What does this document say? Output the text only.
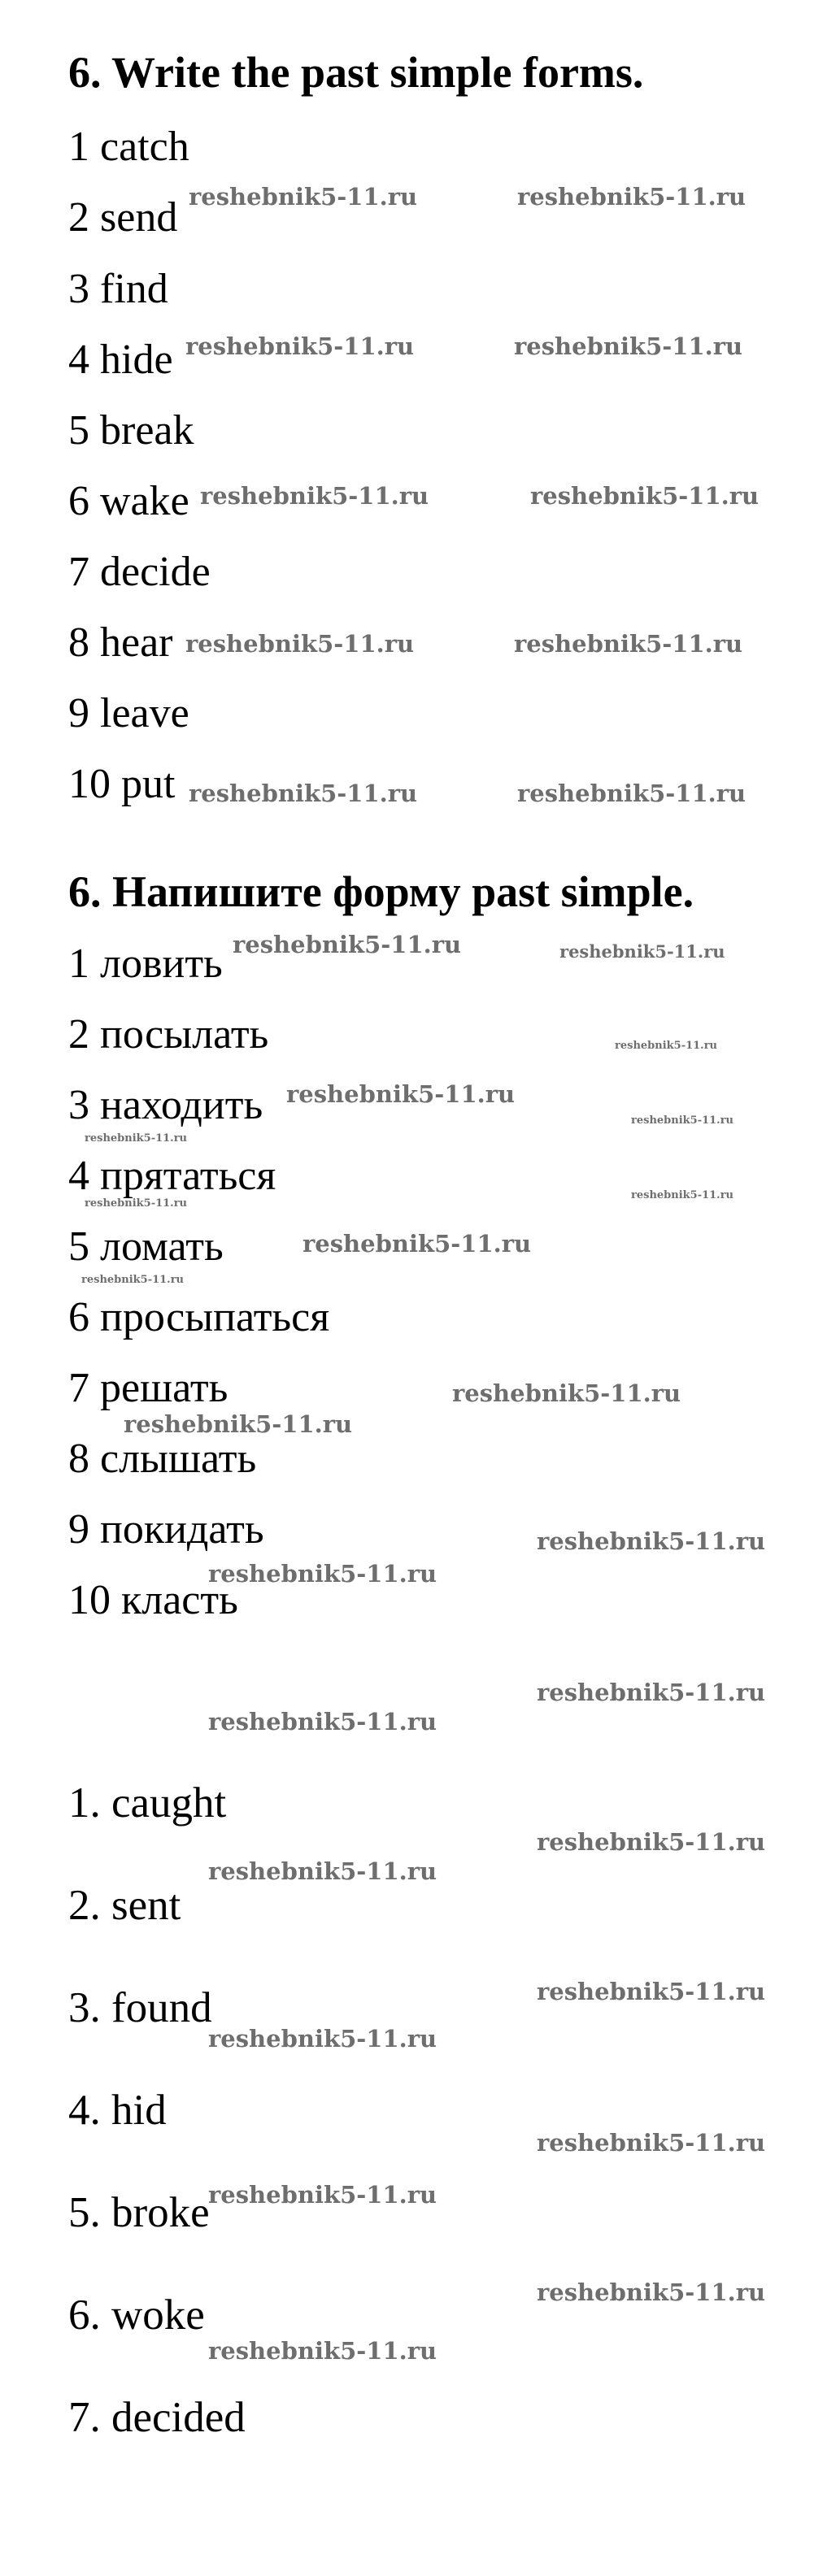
6. Write the past simple forms.
1 catch
2 send
3 find
4 hide
5 break
6 wake
7 decide
8 hear
9 leave
10 put
6. Напишите форму past simple.
1 ловить
2 посылать
3 находить
4 прятаться
5 ломать
6 просыпаться
7 решать
8 слышать
9 покидать
10 класть
1. caught
2. sent
3. found
4. hid
5. broke
6. woke
7. decided
reshebnik5-11.ru	reshebnik5-11.ru
reshebnik5-11.ru	reshebnik5-11.ru
reshebnik5-11.ru	reshebnik5-11.ru
reshebnik5-11.ru	reshebnik5-11.ru
reshebnik5-11.ru	reshebnik5-11.ru
reshebnik5-11.ru	reshebnik5-11.ru
reshebnik5-11.ru
reshebnik5-11.ru
reshebnik5-11.ru
reshebnik5-11.ru
reshebnik5-11.ru
reshebnik5-11.ru
reshebnik5-11.ru
reshebnik5-11.ru
reshebnik5-11.ru
reshebnik5-11.ru
reshebnik5-11.ru
reshebnik5-11.ru
reshebnik5-11.ru
reshebnik5-11.ru
reshebnik5-11.ru
reshebnik5-11.ru
reshebnik5-11.ru
reshebnik5-11.ru
reshebnik5-11.ru
reshebnik5-11.ru
reshebnik5-11.ru
reshebnik5-11.ru
